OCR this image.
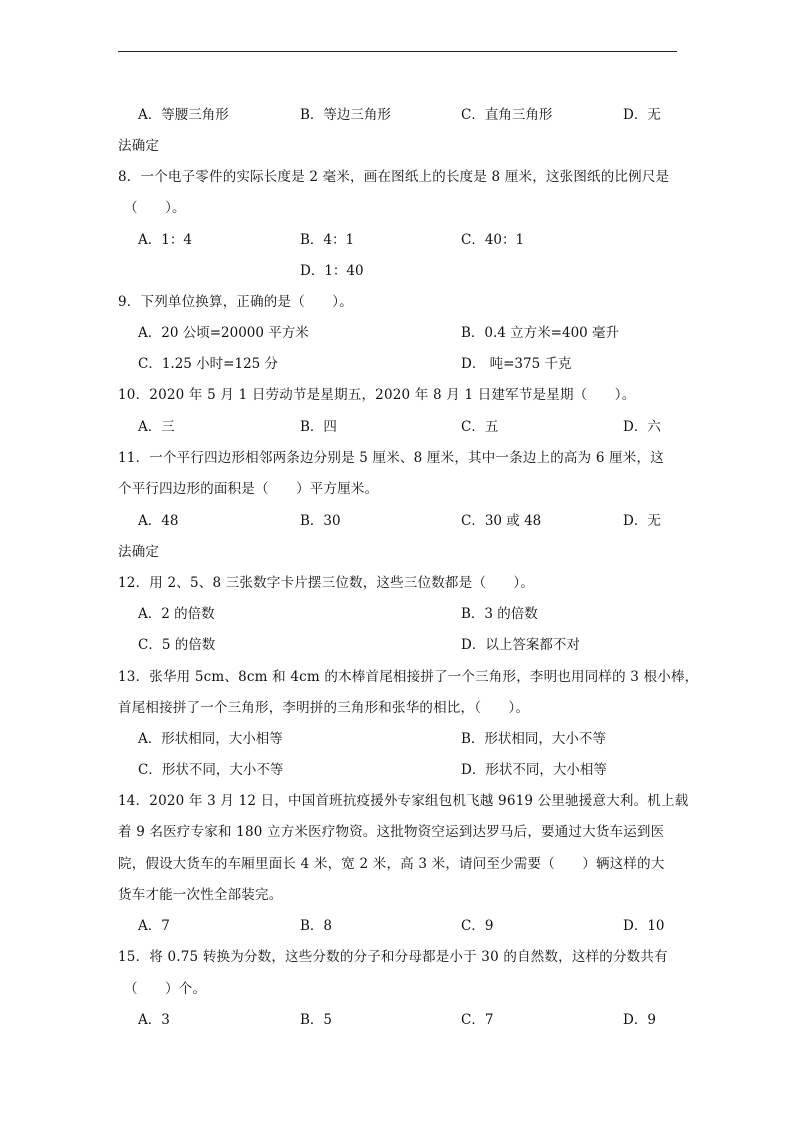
A．等腰三角形	B．等边三角形	C．直角三角形	D．无
法确定
8．一个电子零件的实际长度是 2 毫米，画在图纸上的长度是 8 厘米，这张图纸的比例尺是
（　　）。
A．1：4	B．4：1	C．40：1
D．1：40
9．下列单位换算，正确的是（　　）。
A．20 公顷=20000 平方米	B．0.4 立方米=400 毫升
C．1.25 小时=125 分	D． 吨=375 千克
10．2020 年 5 月 1 日劳动节是星期五，2020 年 8 月 1 日建军节是星期（　　）。
A．三	B．四	C．五	D．六
11．一个平行四边形相邻两条边分别是 5 厘米、8 厘米，其中一条边上的高为 6 厘米，这
个平行四边形的面积是（　　）平方厘米。
A．48	B．30	C．30 或 48	D．无
法确定
12．用 2、5、8 三张数字卡片摆三位数，这些三位数都是（　　）。
A．2 的倍数	B．3 的倍数
C．5 的倍数	D．以上答案都不对
13．张华用 5cm、8cm 和 4cm 的木棒首尾相接拼了一个三角形，李明也用同样的 3 根小棒，
首尾相接拼了一个三角形，李明拼的三角形和张华的相比，（　　）。
A．形状相同，大小相等	B．形状相同，大小不等
C．形状不同，大小不等	D．形状不同，大小相等
14．2020 年 3 月 12 日，中国首班抗疫援外专家组包机飞越 9619 公里驰援意大利。机上载
着 9 名医疗专家和 180 立方米医疗物资。这批物资空运到达罗马后，要通过大货车运到医
院，假设大货车的车厢里面长 4 米，宽 2 米，高 3 米，请问至少需要（　　）辆这样的大
货车才能一次性全部装完。
A．7	B．8	C．9	D．10
15．将 0.75 转换为分数，这些分数的分子和分母都是小于 30 的自然数，这样的分数共有
（　　）个。
A．3	B．5	C．7	D．9
